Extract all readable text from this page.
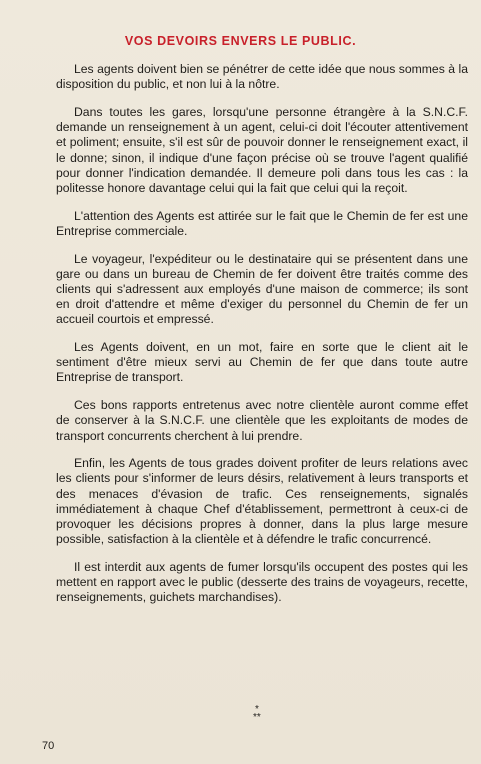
VOS DEVOIRS ENVERS LE PUBLIC.

Les agents doivent bien se pénétrer de cette idée que nous sommes à la disposition du public, et non lui à la nôtre.

Dans toutes les gares, lorsqu'une personne étrangère à la S.N.C.F. demande un renseignement à un agent, celui-ci doit l'écouter attentivement et poliment; ensuite, s'il est sûr de pouvoir donner le renseignement exact, il le donne; sinon, il indique d'une façon précise où se trouve l'agent qualifié pour donner l'indication demandée. Il demeure poli dans tous les cas : la politesse honore davantage celui qui la fait que celui qui la reçoit.

L'attention des Agents est attirée sur le fait que le Chemin de fer est une Entreprise commerciale.

Le voyageur, l'expéditeur ou le destinataire qui se présentent dans une gare ou dans un bureau de Chemin de fer doivent être traités comme des clients qui s'adressent aux employés d'une maison de commerce; ils sont en droit d'attendre et même d'exiger du personnel du Chemin de fer un accueil courtois et empressé.

Les Agents doivent, en un mot, faire en sorte que le client ait le sentiment d'être mieux servi au Chemin de fer que dans toute autre Entreprise de transport.

Ces bons rapports entretenus avec notre clientèle auront comme effet de conserver à la S.N.C.F. une clientèle que les exploitants de modes de transport concurrents cherchent à lui prendre.

Enfin, les Agents de tous grades doivent profiter de leurs relations avec les clients pour s'informer de leurs désirs, relativement à leurs transports et des menaces d'évasion de trafic. Ces renseignements, signalés immédiatement à chaque Chef d'établissement, permettront à ceux-ci de provoquer les décisions propres à donner, dans la plus large mesure possible, satisfaction à la clientèle et à défendre le trafic concurrencé.

Il est interdit aux agents de fumer lorsqu'ils occupent des postes qui les mettent en rapport avec le public (desserte des trains de voyageurs, recette, renseignements, guichets marchandises).

*
**
70
